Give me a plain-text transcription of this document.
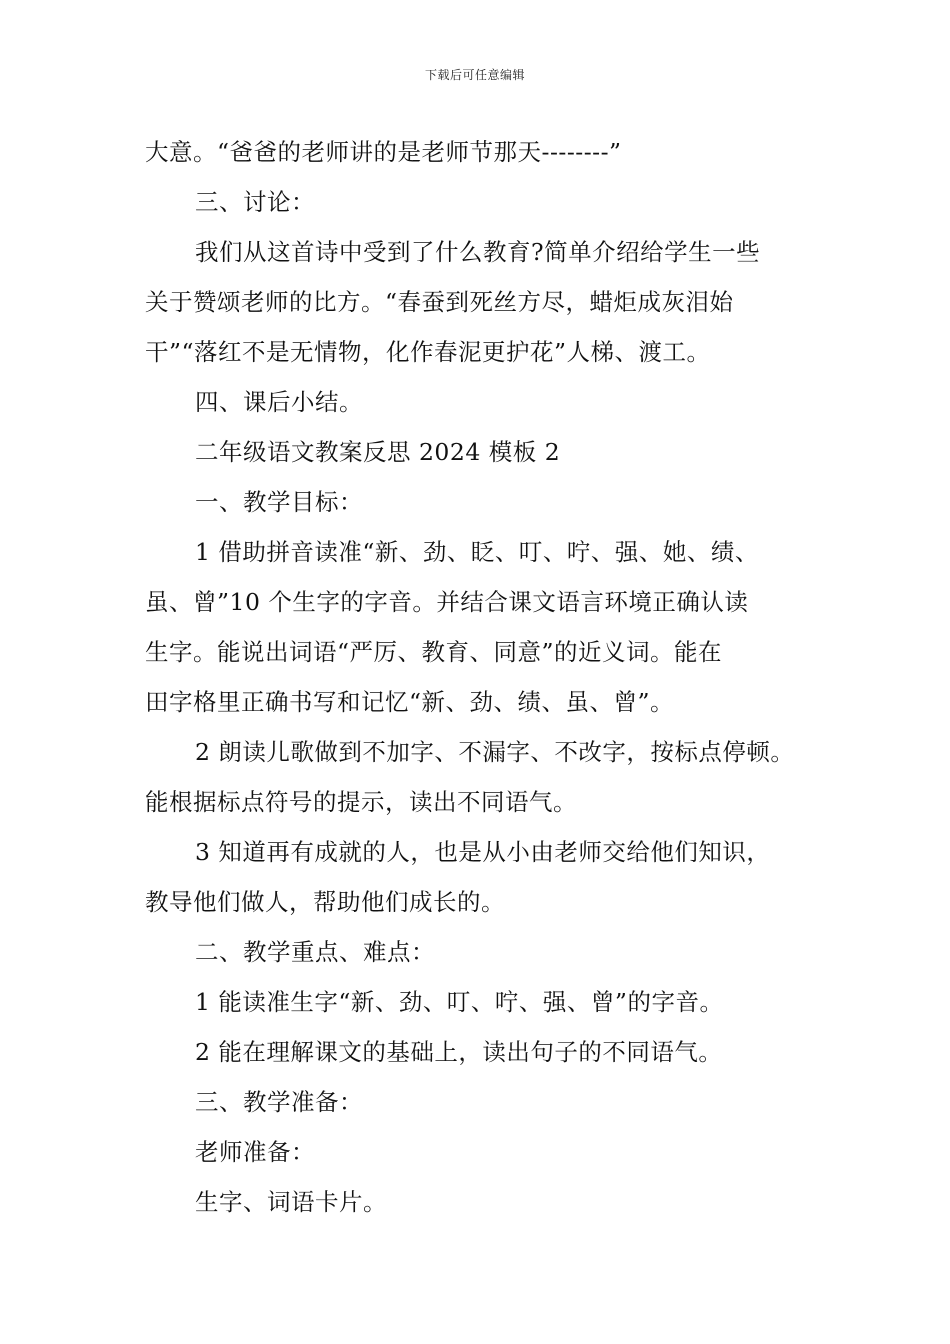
下载后可任意编辑

大意。“爸爸的老师讲的是老师节那天--------”

三、讨论：

我们从这首诗中受到了什么教育?简单介绍给学生一些

关于赞颂老师的比方。“春蚕到死丝方尽，蜡炬成灰泪始

干”“落红不是无情物，化作春泥更护花”人梯、渡工。

四、课后小结。

二年级语文教案反思 2024 模板 2

一、教学目标：

1 借助拼音读准“新、劲、眨、叮、咛、强、她、绩、

虽、曾”10 个生字的字音。并结合课文语言环境正确认读

生字。能说出词语“严厉、教育、同意”的近义词。能在

田字格里正确书写和记忆“新、劲、绩、虽、曾”。

2 朗读儿歌做到不加字、不漏字、不改字，按标点停顿。

能根据标点符号的提示，读出不同语气。

3 知道再有成就的人，也是从小由老师交给他们知识，

教导他们做人，帮助他们成长的。

二、教学重点、难点：

1 能读准生字“新、劲、叮、咛、强、曾”的字音。

2 能在理解课文的基础上，读出句子的不同语气。

三、教学准备：

老师准备：

生字、词语卡片。
